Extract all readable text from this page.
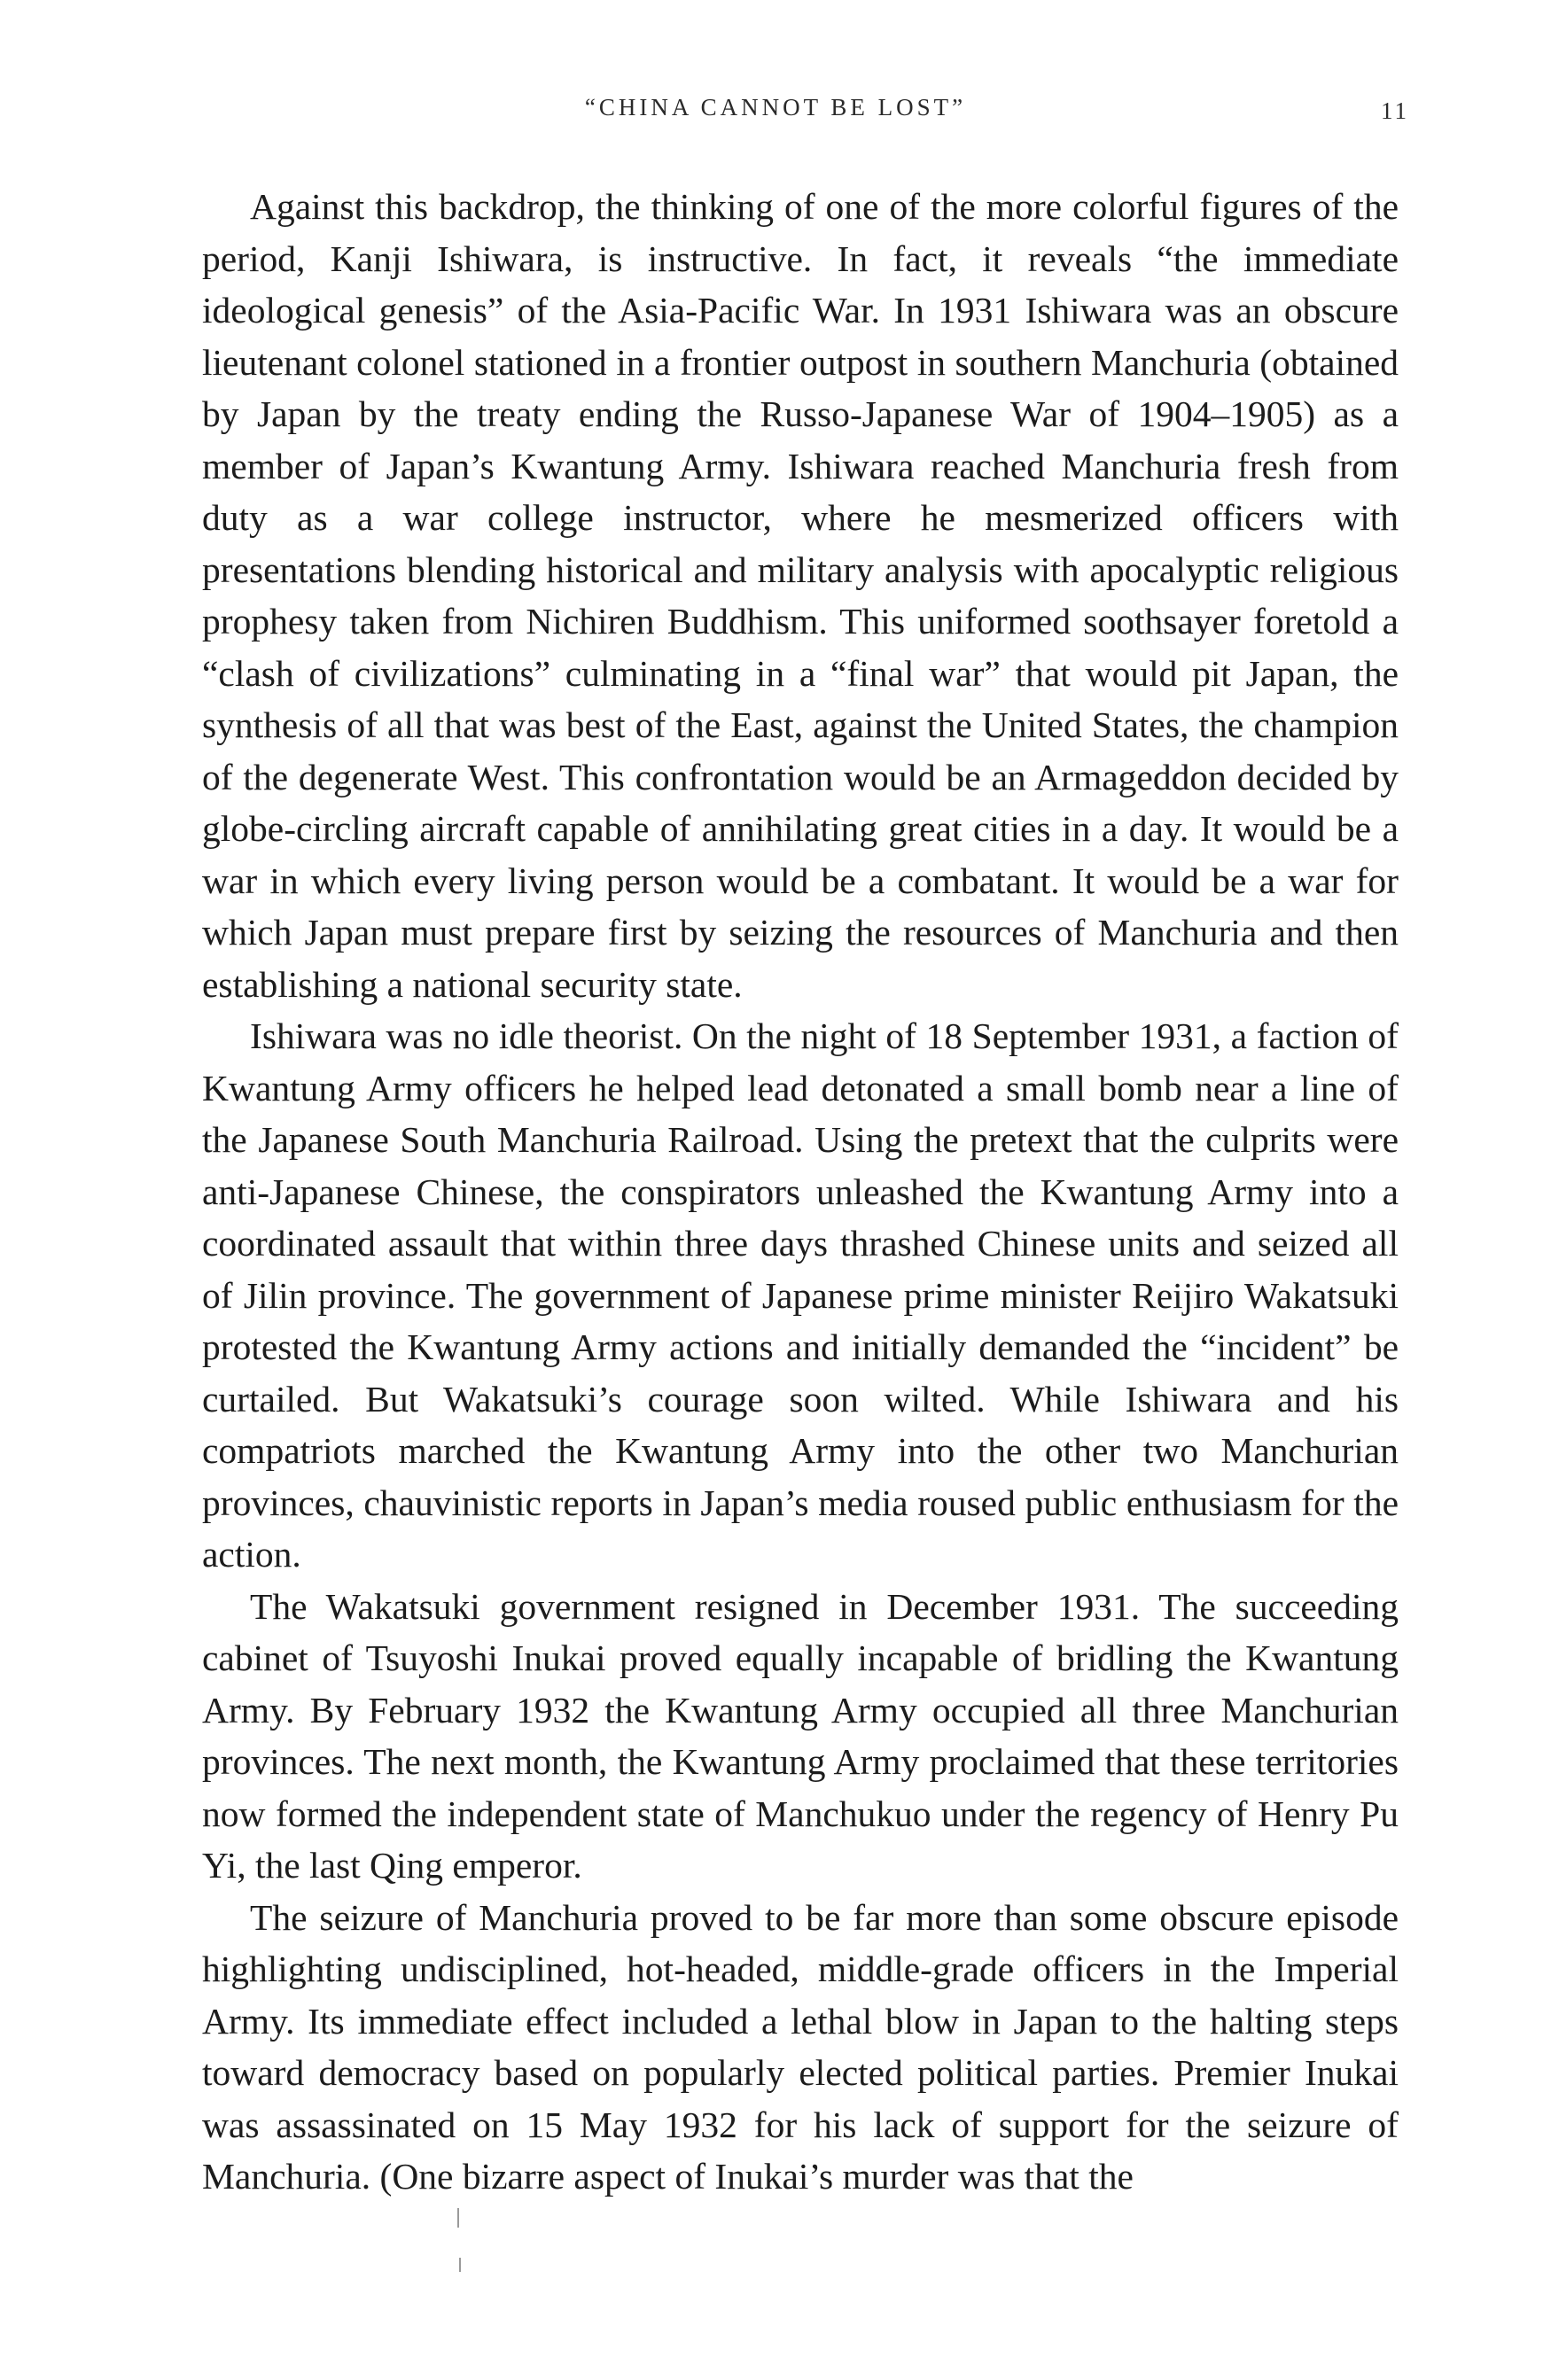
“CHINA CANNOT BE LOST”	11

Against this backdrop, the thinking of one of the more colorful figures of the period, Kanji Ishiwara, is instructive. In fact, it reveals “the immediate ideological genesis” of the Asia-Pacific War. In 1931 Ishiwara was an obscure lieutenant colonel stationed in a frontier outpost in southern Manchuria (obtained by Japan by the treaty ending the Russo-Japanese War of 1904–1905) as a member of Japan’s Kwantung Army. Ishiwara reached Manchuria fresh from duty as a war college instructor, where he mesmerized officers with presentations blending historical and military analysis with apocalyptic religious prophesy taken from Nichiren Buddhism. This uniformed soothsayer foretold a “clash of civilizations” culminating in a “final war” that would pit Japan, the synthesis of all that was best of the East, against the United States, the champion of the degenerate West. This confrontation would be an Armageddon decided by globe-circling aircraft capable of annihilating great cities in a day. It would be a war in which every living person would be a combatant. It would be a war for which Japan must prepare first by seizing the resources of Manchuria and then establishing a national security state.

Ishiwara was no idle theorist. On the night of 18 September 1931, a faction of Kwantung Army officers he helped lead detonated a small bomb near a line of the Japanese South Manchuria Railroad. Using the pretext that the culprits were anti-Japanese Chinese, the conspirators unleashed the Kwantung Army into a coordinated assault that within three days thrashed Chinese units and seized all of Jilin province. The government of Japanese prime minister Reijiro Wakatsuki protested the Kwantung Army actions and initially demanded the “incident” be curtailed. But Wakatsuki’s courage soon wilted. While Ishiwara and his compatriots marched the Kwantung Army into the other two Manchurian provinces, chauvinistic reports in Japan’s media roused public enthusiasm for the action.

The Wakatsuki government resigned in December 1931. The succeeding cabinet of Tsuyoshi Inukai proved equally incapable of bridling the Kwantung Army. By February 1932 the Kwantung Army occupied all three Manchurian provinces. The next month, the Kwantung Army proclaimed that these territories now formed the independent state of Manchukuo under the regency of Henry Pu Yi, the last Qing emperor.

The seizure of Manchuria proved to be far more than some obscure episode highlighting undisciplined, hot-headed, middle-grade officers in the Imperial Army. Its immediate effect included a lethal blow in Japan to the halting steps toward democracy based on popularly elected political parties. Premier Inukai was assassinated on 15 May 1932 for his lack of support for the seizure of Manchuria. (One bizarre aspect of Inukai’s murder was that the
